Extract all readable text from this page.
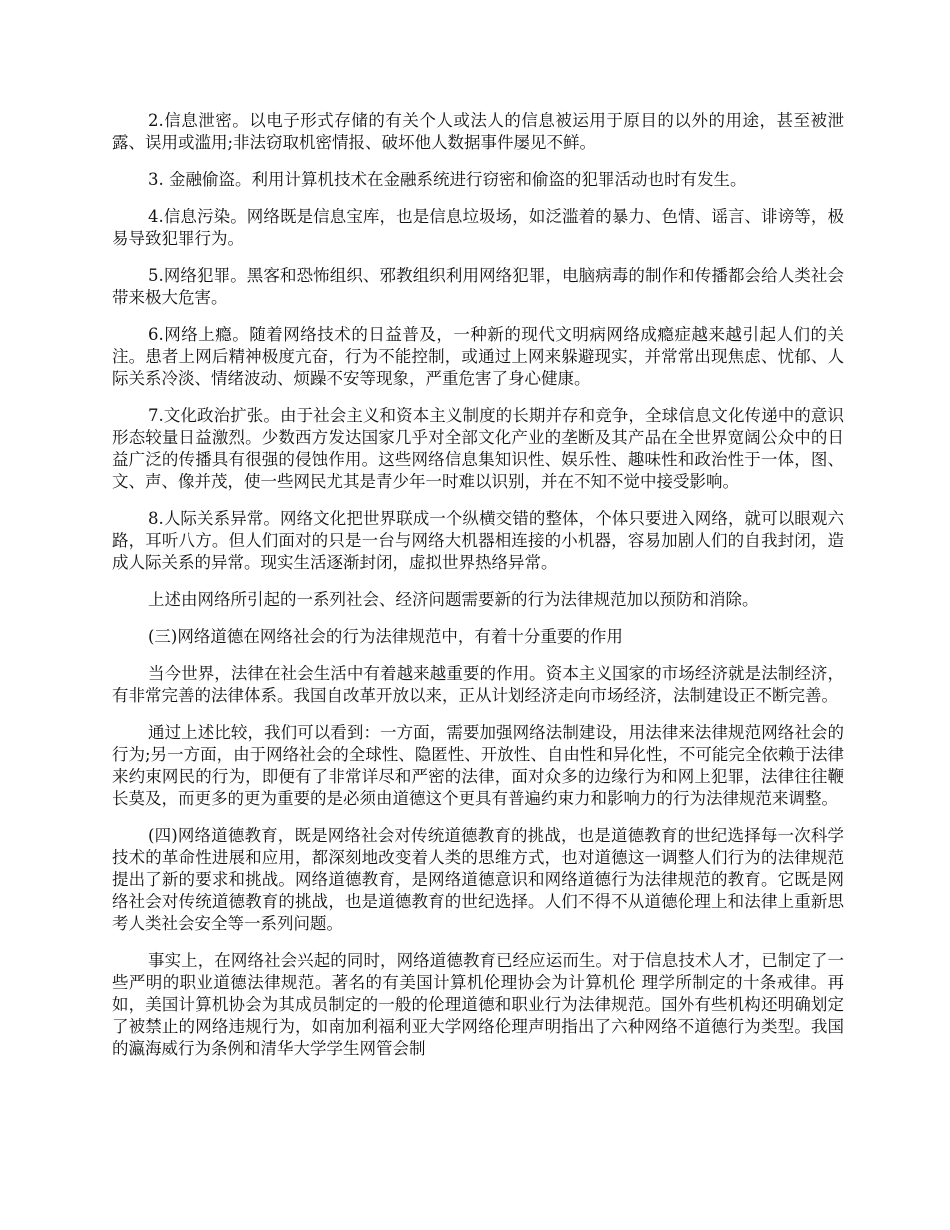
2.信息泄密。以电子形式存储的有关个人或法人的信息被运用于原目的以外的用途，甚至被泄露、误用或滥用;非法窃取机密情报、破坏他人数据事件屡见不鲜。

3. 金融偷盗。利用计算机技术在金融系统进行窃密和偷盗的犯罪活动也时有发生。

4.信息污染。网络既是信息宝库，也是信息垃圾场，如泛滥着的暴力、色情、谣言、诽谤等，极易导致犯罪行为。

5.网络犯罪。黑客和恐怖组织、邪教组织利用网络犯罪，电脑病毒的制作和传播都会给人类社会带来极大危害。

6.网络上瘾。随着网络技术的日益普及，一种新的现代文明病网络成瘾症越来越引起人们的关注。患者上网后精神极度亢奋，行为不能控制，或通过上网来躲避现实，并常常出现焦虑、忧郁、人际关系冷淡、情绪波动、烦躁不安等现象，严重危害了身心健康。

7.文化政治扩张。由于社会主义和资本主义制度的长期并存和竞争，全球信息文化传递中的意识形态较量日益激烈。少数西方发达国家几乎对全部文化产业的垄断及其产品在全世界宽阔公众中的日益广泛的传播具有很强的侵蚀作用。这些网络信息集知识性、娱乐性、趣味性和政治性于一体，图、文、声、像并茂，使一些网民尤其是青少年一时难以识别，并在不知不觉中接受影响。

8.人际关系异常。网络文化把世界联成一个纵横交错的整体，个体只要进入网络，就可以眼观六路，耳听八方。但人们面对的只是一台与网络大机器相连接的小机器，容易加剧人们的自我封闭，造成人际关系的异常。现实生活逐渐封闭，虚拟世界热络异常。

上述由网络所引起的一系列社会、经济问题需要新的行为法律规范加以预防和消除。

(三)网络道德在网络社会的行为法律规范中，有着十分重要的作用

当今世界，法律在社会生活中有着越来越重要的作用。资本主义国家的市场经济就是法制经济，有非常完善的法律体系。我国自改革开放以来，正从计划经济走向市场经济，法制建设正不断完善。

通过上述比较，我们可以看到：一方面，需要加强网络法制建设，用法律来法律规范网络社会的行为;另一方面，由于网络社会的全球性、隐匿性、开放性、自由性和异化性，不可能完全依赖于法律来约束网民的行为，即便有了非常详尽和严密的法律，面对众多的边缘行为和网上犯罪，法律往往鞭长莫及，而更多的更为重要的是必须由道德这个更具有普遍约束力和影响力的行为法律规范来调整。

(四)网络道德教育，既是网络社会对传统道德教育的挑战，也是道德教育的世纪选择每一次科学技术的革命性进展和应用，都深刻地改变着人类的思维方式，也对道德这一调整人们行为的法律规范提出了新的要求和挑战。网络道德教育，是网络道德意识和网络道德行为法律规范的教育。它既是网络社会对传统道德教育的挑战，也是道德教育的世纪选择。人们不得不从道德伦理上和法律上重新思考人类社会安全等一系列问题。

事实上，在网络社会兴起的同时，网络道德教育已经应运而生。对于信息技术人才，已制定了一些严明的职业道德法律规范。著名的有美国计算机伦理协会为计算机伦 理学所制定的十条戒律。再如，美国计算机协会为其成员制定的一般的伦理道德和职业行为法律规范。国外有些机构还明确划定了被禁止的网络违规行为，如南加利福利亚大学网络伦理声明指出了六种网络不道德行为类型。我国的瀛海威行为条例和清华大学学生网管会制
